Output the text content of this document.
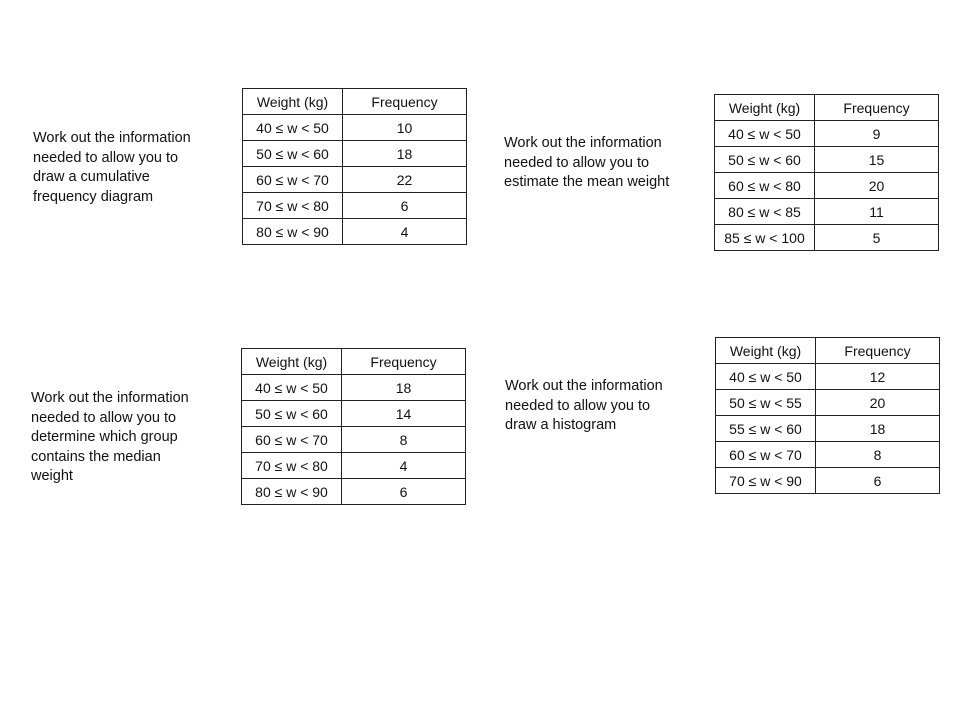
Work out the information
needed to allow you to
draw a cumulative
frequency diagram
Weight (kg)	Frequency
40 ≤ w < 50	10
50 ≤ w < 60	18
60 ≤ w < 70	22
70 ≤ w < 80	6
80 ≤ w < 90	4
Work out the information
needed to allow you to
estimate the mean weight
Weight (kg)	Frequency
40 ≤ w < 50	9
50 ≤ w < 60	15
60 ≤ w < 80	20
80 ≤ w < 85	11
85 ≤ w < 100	5
Work out the information
needed to allow you to
determine which group
contains the median
weight
Weight (kg)	Frequency
40 ≤ w < 50	18
50 ≤ w < 60	14
60 ≤ w < 70	8
70 ≤ w < 80	4
80 ≤ w < 90	6
Work out the information
needed to allow you to
draw a histogram
Weight (kg)	Frequency
40 ≤ w < 50	12
50 ≤ w < 55	20
55 ≤ w < 60	18
60 ≤ w < 70	8
70 ≤ w < 90	6
